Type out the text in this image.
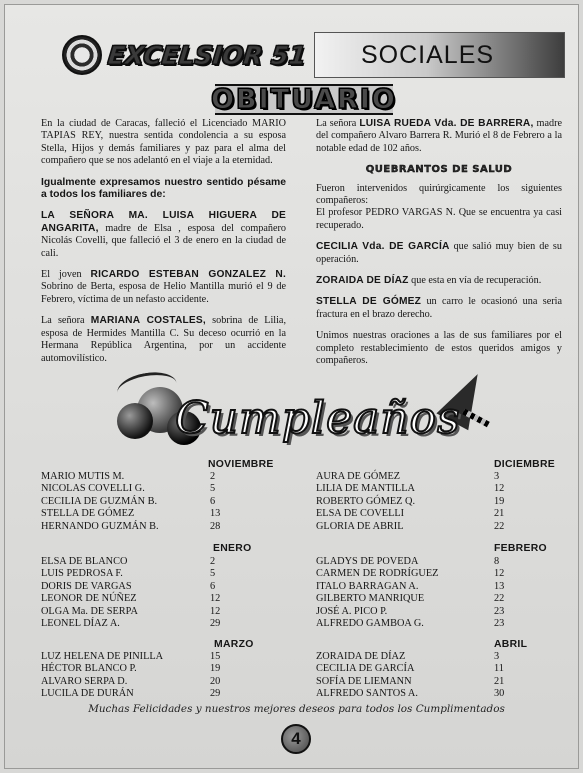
EXCELSIOR 51	SOCIALES
OBITUARIO

En la ciudad de Caracas, falleció el Licenciado MARIO TAPIAS REY, nuestra sentida condolencia a su esposa Stella, Hijos y demás familiares y paz para el alma del compañero que se nos adelantó en el viaje a la eternidad.

Igualmente expresamos nuestro sentido pésame a todos los familiares de:

LA SEÑORA MA. LUISA HIGUERA DE ANGARITA, madre de Elsa , esposa del compañero Nicolás Covelli, que falleció el 3 de enero en la ciudad de cali.

El joven RICARDO ESTEBAN GONZALEZ N. Sobrino de Berta, esposa de Helio Mantilla murió el 9 de Febrero, víctima de un nefasto accidente.

La señora MARIANA COSTALES, sobrina de Lilia, esposa de Hermides Mantilla C. Su deceso ocurrió en la Hermana República Argentina, por un accidente automovilístico.

La señora LUISA RUEDA Vda. DE BARRERA, madre del compañero Alvaro Barrera R. Murió el 8 de Febrero a la notable edad de 102 años.

QUEBRANTOS DE SALUD

Fueron intervenidos quirúrgicamente los siguientes compañeros:

El profesor PEDRO VARGAS N. Que se encuentra ya casi recuperado.

CECILIA Vda. DE GARCÍA que salió muy bien de su operación.

ZORAIDA DE DÍAZ que esta en vía de recuperación.

STELLA DE GÓMEZ un carro le ocasionó una seria fractura en el brazo derecho.

Unimos nuestras oraciones a las de sus familiares por el completo restablecimiento de estos queridos amigos y compañeros.

Cumpleaños
NOVIEMBRE
MARIO MUTIS M.	2
NICOLAS COVELLI G.	5
CECILIA DE GUZMÁN B.	6
STELLA DE GÓMEZ	13
HERNANDO GUZMÁN B.	28
DICIEMBRE
AURA DE GÓMEZ	3
LILIA DE MANTILLA	12
ROBERTO GÓMEZ Q.	19
ELSA DE COVELLI	21
GLORIA DE ABRIL	22
ENERO
ELSA DE BLANCO	2
LUIS PEDROSA F.	5
DORIS DE VARGAS	6
LEONOR DE NÚÑEZ	12
OLGA Ma. DE SERPA	12
LEONEL DÍAZ A.	29
FEBRERO
GLADYS DE POVEDA	8
CARMEN DE RODRÍGUEZ	12
ITALO BARRAGAN A.	13
GILBERTO MANRIQUE	22
JOSÉ A. PICO P.	23
ALFREDO GAMBOA G.	23
MARZO
LUZ HELENA DE PINILLA	15
HÉCTOR BLANCO P.	19
ALVARO SERPA D.	20
LUCILA DE DURÁN	29
ABRIL
ZORAIDA DE DÍAZ	3
CECILIA DE GARCÍA	11
SOFÍA DE LIEMANN	21
ALFREDO SANTOS A.	30
Muchas Felicidades y nuestros mejores deseos para todos los Cumplimentados
4
